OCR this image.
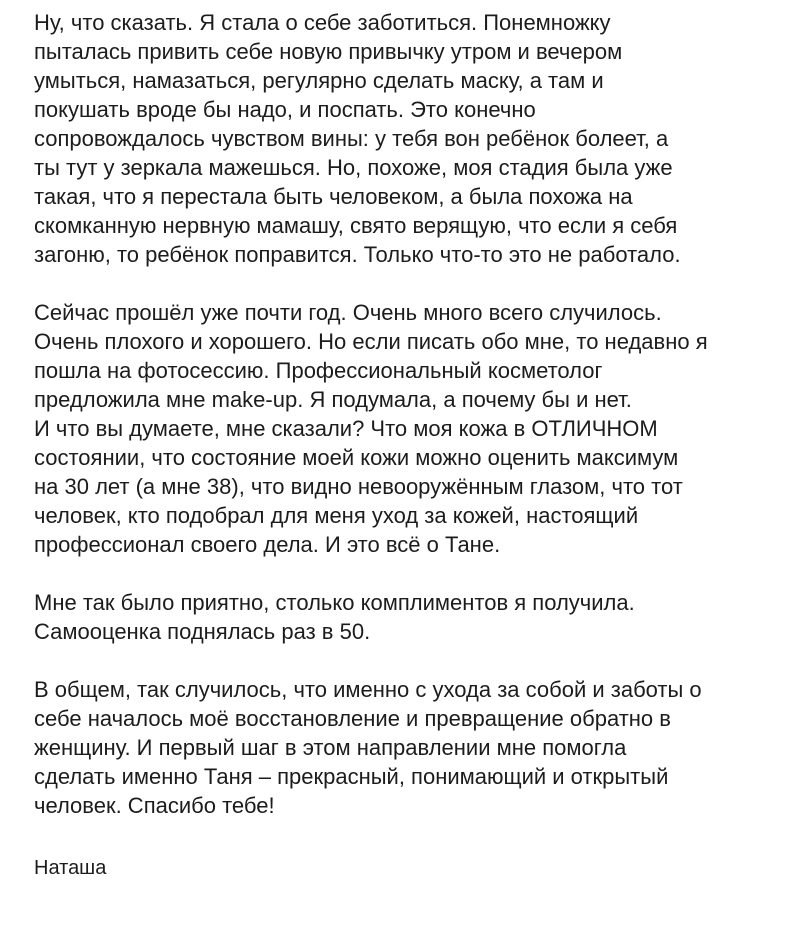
Ну, что сказать. Я стала о себе заботиться. Понемножку
пыталась привить себе новую привычку утром и вечером
умыться, намазаться, регулярно сделать маску, а там и
покушать вроде бы надо, и поспать. Это конечно
сопровождалось чувством вины: у тебя вон ребёнок болеет, а
ты тут у зеркала мажешься. Но, похоже, моя стадия была уже
такая, что я перестала быть человеком, а была похожа на
скомканную нервную мамашу, свято верящую, что если я себя
загоню, то ребёнок поправится. Только что-то это не работало.
Сейчас прошёл уже почти год. Очень много всего случилось.
Очень плохого и хорошего. Но если писать обо мне, то недавно я
пошла на фотосессию. Профессиональный косметолог
предложила мне make-up. Я подумала, а почему бы и нет.
И что вы думаете, мне сказали? Что моя кожа в ОТЛИЧНОМ
состоянии, что состояние моей кожи можно оценить максимум
на 30 лет (а мне 38), что видно невооружённым глазом, что тот
человек, кто подобрал для меня уход за кожей, настоящий
профессионал своего дела. И это всё о Тане.
Мне так было приятно, столько комплиментов я получила.
Самооценка поднялась раз в 50.
В общем, так случилось, что именно с ухода за собой и заботы о
себе началось моё восстановление и превращение обратно в
женщину. И первый шаг в этом направлении мне помогла
сделать именно Таня – прекрасный, понимающий и открытый
человек. Спасибо тебе!
Наташа
